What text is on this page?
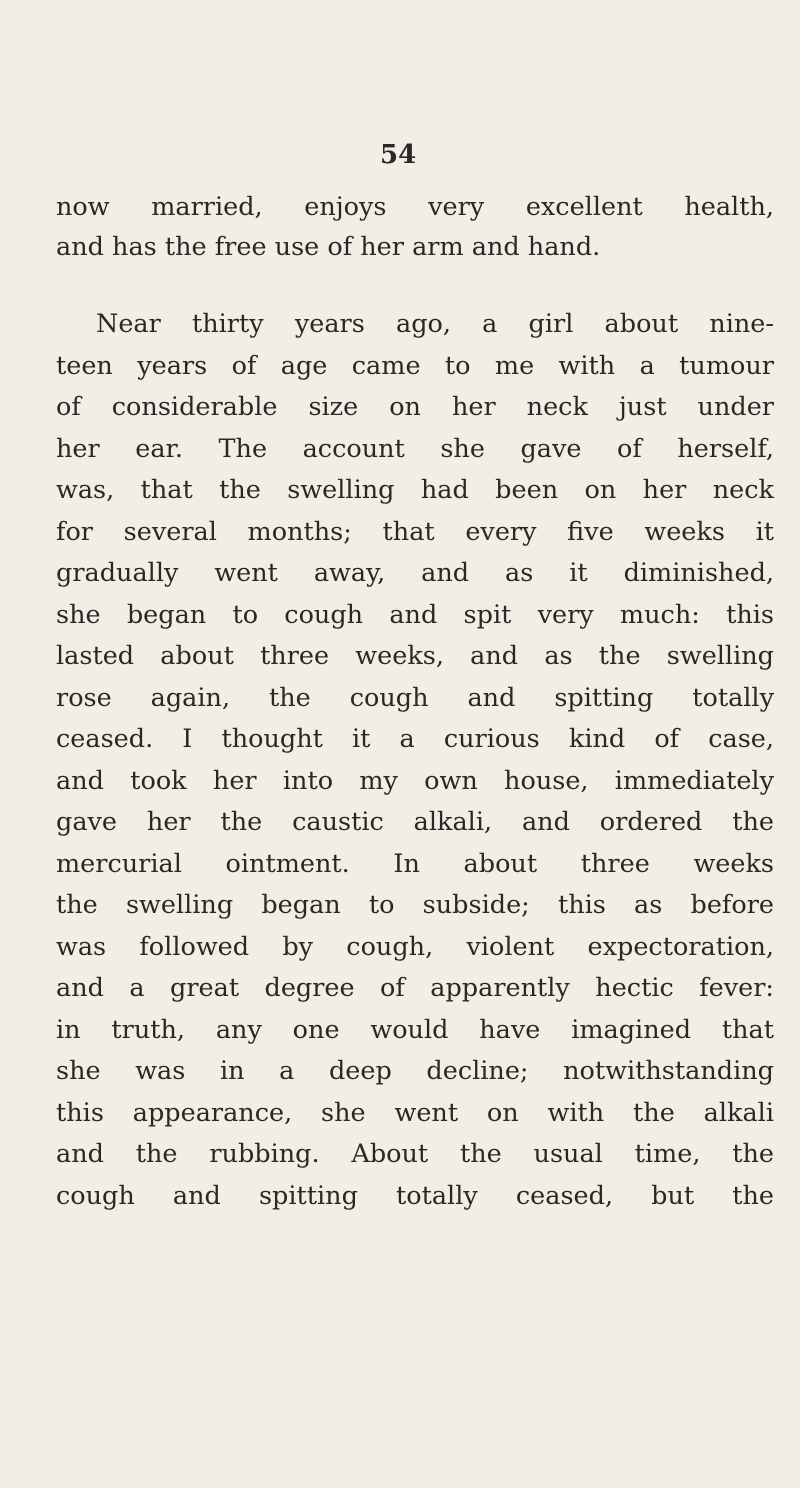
54
now married, enjoys very excellent health,
and has the free use of her arm and hand.
Near thirty years ago, a girl about nine-
teen years of age came to me with a tumour
of considerable size on her neck just under
her ear. The account she gave of herself,
was, that the swelling had been on her neck
for several months; that every five weeks it
gradually went away, and as it diminished,
she began to cough and spit very much: this
lasted about three weeks, and as the swelling
rose again, the cough and spitting totally
ceased. I thought it a curious kind of case,
and took her into my own house, immediately
gave her the caustic alkali, and ordered the
mercurial ointment. In about three weeks
the swelling began to subside; this as before
was followed by cough, violent expectoration,
and a great degree of apparently hectic fever:
in truth, any one would have imagined that
she was in a deep decline; notwithstanding
this appearance, she went on with the alkali
and the rubbing. About the usual time, the
cough and spitting totally ceased, but the
